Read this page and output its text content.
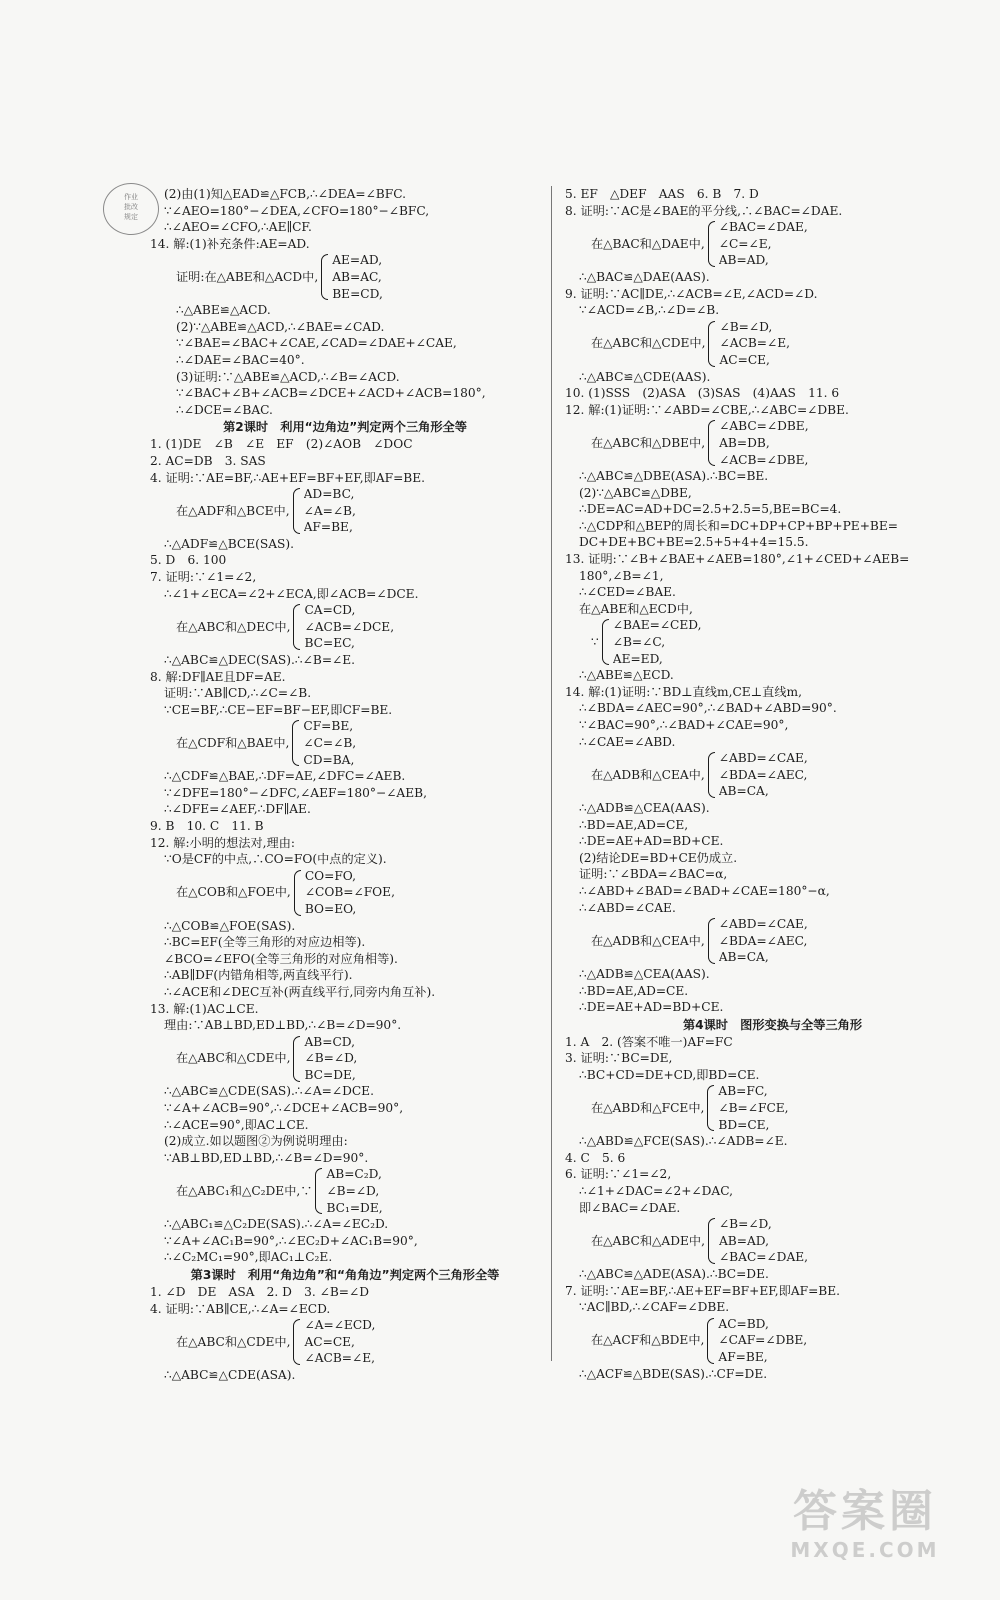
作业
批改
规定
(2)由(1)知△EAD≌△FCB,∴∠DEA=∠BFC.
∵∠AEO=180°−∠DEA,∠CFO=180°−∠BFC,
∴∠AEO=∠CFO,∴AE∥CF.
14. 解:(1)补充条件:AE=AD.
证明:在△ABE和△ACD中,
AE=AD,
AB=AC,
BE=CD,
∴△ABE≌△ACD.
(2)∵△ABE≌△ACD,∴∠BAE=∠CAD.
∵∠BAE=∠BAC+∠CAE,∠CAD=∠DAE+∠CAE,
∴∠DAE=∠BAC=40°.
(3)证明:∵△ABE≌△ACD,∴∠B=∠ACD.
∵∠BAC+∠B+∠ACB=∠DCE+∠ACD+∠ACB=180°,
∴∠DCE=∠BAC.
第2课时　利用“边角边”判定两个三角形全等
1. (1)DE　∠B　∠E　EF　(2)∠AOB　∠DOC
2. AC=DB　3. SAS
4. 证明:∵AE=BF,∴AE+EF=BF+EF,即AF=BE.
在△ADF和△BCE中,
AD=BC,
∠A=∠B,
AF=BE,
∴△ADF≌△BCE(SAS).
5. D　6. 100
7. 证明:∵∠1=∠2,
∴∠1+∠ECA=∠2+∠ECA,即∠ACB=∠DCE.
在△ABC和△DEC中,
CA=CD,
∠ACB=∠DCE,
BC=EC,
∴△ABC≌△DEC(SAS).∴∠B=∠E.
8. 解:DF∥AE且DF=AE.
证明:∵AB∥CD,∴∠C=∠B.
∵CE=BF,∴CE−EF=BF−EF,即CF=BE.
在△CDF和△BAE中,
CF=BE,
∠C=∠B,
CD=BA,
∴△CDF≌△BAE,∴DF=AE,∠DFC=∠AEB.
∵∠DFE=180°−∠DFC,∠AEF=180°−∠AEB,
∴∠DFE=∠AEF,∴DF∥AE.
9. B　10. C　11. B
12. 解:小明的想法对,理由:
∵O是CF的中点,∴CO=FO(中点的定义).
在△COB和△FOE中,
CO=FO,
∠COB=∠FOE,
BO=EO,
∴△COB≌△FOE(SAS).
∴BC=EF(全等三角形的对应边相等).
∠BCO=∠EFO(全等三角形的对应角相等).
∴AB∥DF(内错角相等,两直线平行).
∴∠ACE和∠DEC互补(两直线平行,同旁内角互补).
13. 解:(1)AC⊥CE.
理由:∵AB⊥BD,ED⊥BD,∴∠B=∠D=90°.
在△ABC和△CDE中,
AB=CD,
∠B=∠D,
BC=DE,
∴△ABC≌△CDE(SAS).∴∠A=∠DCE.
∵∠A+∠ACB=90°,∴∠DCE+∠ACB=90°,
∴∠ACE=90°,即AC⊥CE.
(2)成立.如以题图②为例说明理由:
∵AB⊥BD,ED⊥BD,∴∠B=∠D=90°.
在△ABC₁和△C₂DE中,∵
AB=C₂D,
∠B=∠D,
BC₁=DE,
∴△ABC₁≌△C₂DE(SAS).∴∠A=∠EC₂D.
∵∠A+∠AC₁B=90°,∴∠EC₂D+∠AC₁B=90°,
∴∠C₂MC₁=90°,即AC₁⊥C₂E.
第3课时　利用“角边角”和“角角边”判定两个三角形全等
1. ∠D　DE　ASA　2. D　3. ∠B=∠D
4. 证明:∵AB∥CE,∴∠A=∠ECD.
在△ABC和△CDE中,
∠A=∠ECD,
AC=CE,
∠ACB=∠E,
∴△ABC≌△CDE(ASA).
5. EF　△DEF　AAS　6. B　7. D
8. 证明:∵AC是∠BAE的平分线,∴∠BAC=∠DAE.
在△BAC和△DAE中,
∠BAC=∠DAE,
∠C=∠E,
AB=AD,
∴△BAC≌△DAE(AAS).
9. 证明:∵AC∥DE,∴∠ACB=∠E,∠ACD=∠D.
∵∠ACD=∠B,∴∠D=∠B.
在△ABC和△CDE中,
∠B=∠D,
∠ACB=∠E,
AC=CE,
∴△ABC≌△CDE(AAS).
10. (1)SSS　(2)ASA　(3)SAS　(4)AAS　11. 6
12. 解:(1)证明:∵∠ABD=∠CBE,∴∠ABC=∠DBE.
在△ABC和△DBE中,
∠ABC=∠DBE,
AB=DB,
∠ACB=∠DBE,
∴△ABC≌△DBE(ASA).∴BC=BE.
(2)∵△ABC≌△DBE,
∴DE=AC=AD+DC=2.5+2.5=5,BE=BC=4.
∴△CDP和△BEP的周长和=DC+DP+CP+BP+PE+BE=
DC+DE+BC+BE=2.5+5+4+4=15.5.
13. 证明:∵∠B+∠BAE+∠AEB=180°,∠1+∠CED+∠AEB=
180°,∠B=∠1,
∴∠CED=∠BAE.
在△ABE和△ECD中,
∵
∠BAE=∠CED,
∠B=∠C,
AE=ED,
∴△ABE≌△ECD.
14. 解:(1)证明:∵BD⊥直线m,CE⊥直线m,
∴∠BDA=∠AEC=90°,∴∠BAD+∠ABD=90°.
∵∠BAC=90°,∴∠BAD+∠CAE=90°,
∴∠CAE=∠ABD.
在△ADB和△CEA中,
∠ABD=∠CAE,
∠BDA=∠AEC,
AB=CA,
∴△ADB≌△CEA(AAS).
∴BD=AE,AD=CE,
∴DE=AE+AD=BD+CE.
(2)结论DE=BD+CE仍成立.
证明:∵∠BDA=∠BAC=α,
∴∠ABD+∠BAD=∠BAD+∠CAE=180°−α,
∴∠ABD=∠CAE.
在△ADB和△CEA中,
∠ABD=∠CAE,
∠BDA=∠AEC,
AB=CA,
∴△ADB≌△CEA(AAS).
∴BD=AE,AD=CE.
∴DE=AE+AD=BD+CE.
第4课时　图形变换与全等三角形
1. A　2. (答案不唯一)AF=FC
3. 证明:∵BC=DE,
∴BC+CD=DE+CD,即BD=CE.
在△ABD和△FCE中,
AB=FC,
∠B=∠FCE,
BD=CE,
∴△ABD≌△FCE(SAS).∴∠ADB=∠E.
4. C　5. 6
6. 证明:∵∠1=∠2,
∴∠1+∠DAC=∠2+∠DAC,
即∠BAC=∠DAE.
在△ABC和△ADE中,
∠B=∠D,
AB=AD,
∠BAC=∠DAE,
∴△ABC≌△ADE(ASA).∴BC=DE.
7. 证明:∵AE=BF,∴AE+EF=BF+EF,即AF=BE.
∵AC∥BD,∴∠CAF=∠DBE.
在△ACF和△BDE中,
AC=BD,
∠CAF=∠DBE,
AF=BE,
∴△ACF≌△BDE(SAS).∴CF=DE.
答案圈
MXQE.COM
